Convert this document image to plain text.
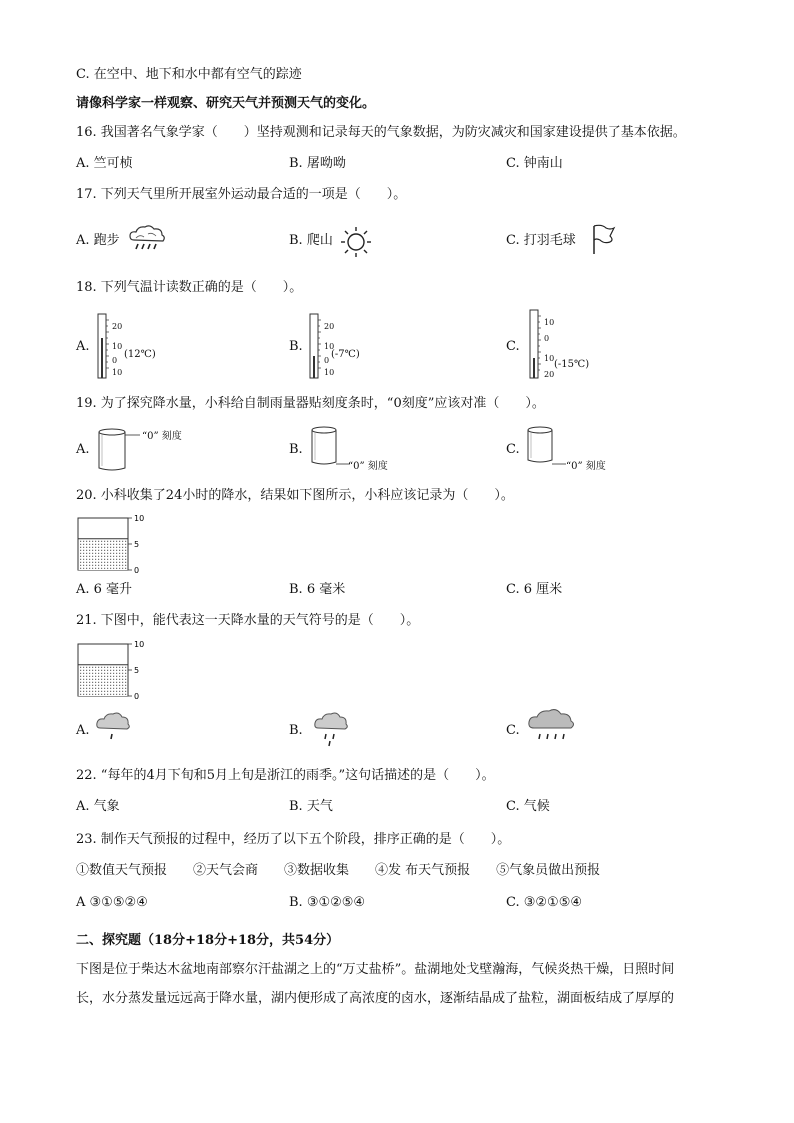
C. 在空中、地下和水中都有空气的踪迹
请像科学家一样观察、研究天气并预测天气的变化。
16. 我国著名气象学家（　　）坚持观测和记录每天的气象数据，为防灾减灾和国家建设提供了基本依据。
A. 竺可桢	B. 屠呦呦	C. 钟南山
17. 下列天气里所开展室外运动最合适的一项是（　　）。
A. 跑步	B. 爬山	C. 打羽毛球
18. 下列气温计读数正确的是（　　）。
A.
20
10
0
10
(12℃)
B.
20
10
0
10
(-7℃)
C.
10
0
10
20
(-15℃)
19. 为了探究降水量，小科给自制雨量器贴刻度条时，“0刻度”应该对准（　　）。
A.
“0” 刻度
B.
“0” 刻度
C.
“0” 刻度
20. 小科收集了24小时的降水，结果如下图所示，小科应该记录为（　　）。
0
5
10
A. 6 毫升	B. 6 毫米	C. 6 厘米
21. 下图中，能代表这一天降水量的天气符号的是（　　）。
0
5
10
A.	B.	C.
22. “每年的4月下旬和5月上旬是浙江的雨季。”这句话描述的是（　　）。
A. 气象	B. 天气	C. 气候
23. 制作天气预报的过程中，经历了以下五个阶段，排序正确的是（　　）。
①数值天气预报　　②天气会商　　③数据收集　　④发 布天气预报　　⑤气象员做出预报
A ③①⑤②④	B. ③①②⑤④	C. ③②①⑤④
二、探究题（18分+18分+18分，共54分）
下图是位于柴达木盆地南部察尔汗盐湖之上的“万丈盐桥”。盐湖地处戈壁瀚海，气候炎热干燥，日照时间
长，水分蒸发量远远高于降水量，湖内便形成了高浓度的卤水，逐渐结晶成了盐粒，湖面板结成了厚厚的
